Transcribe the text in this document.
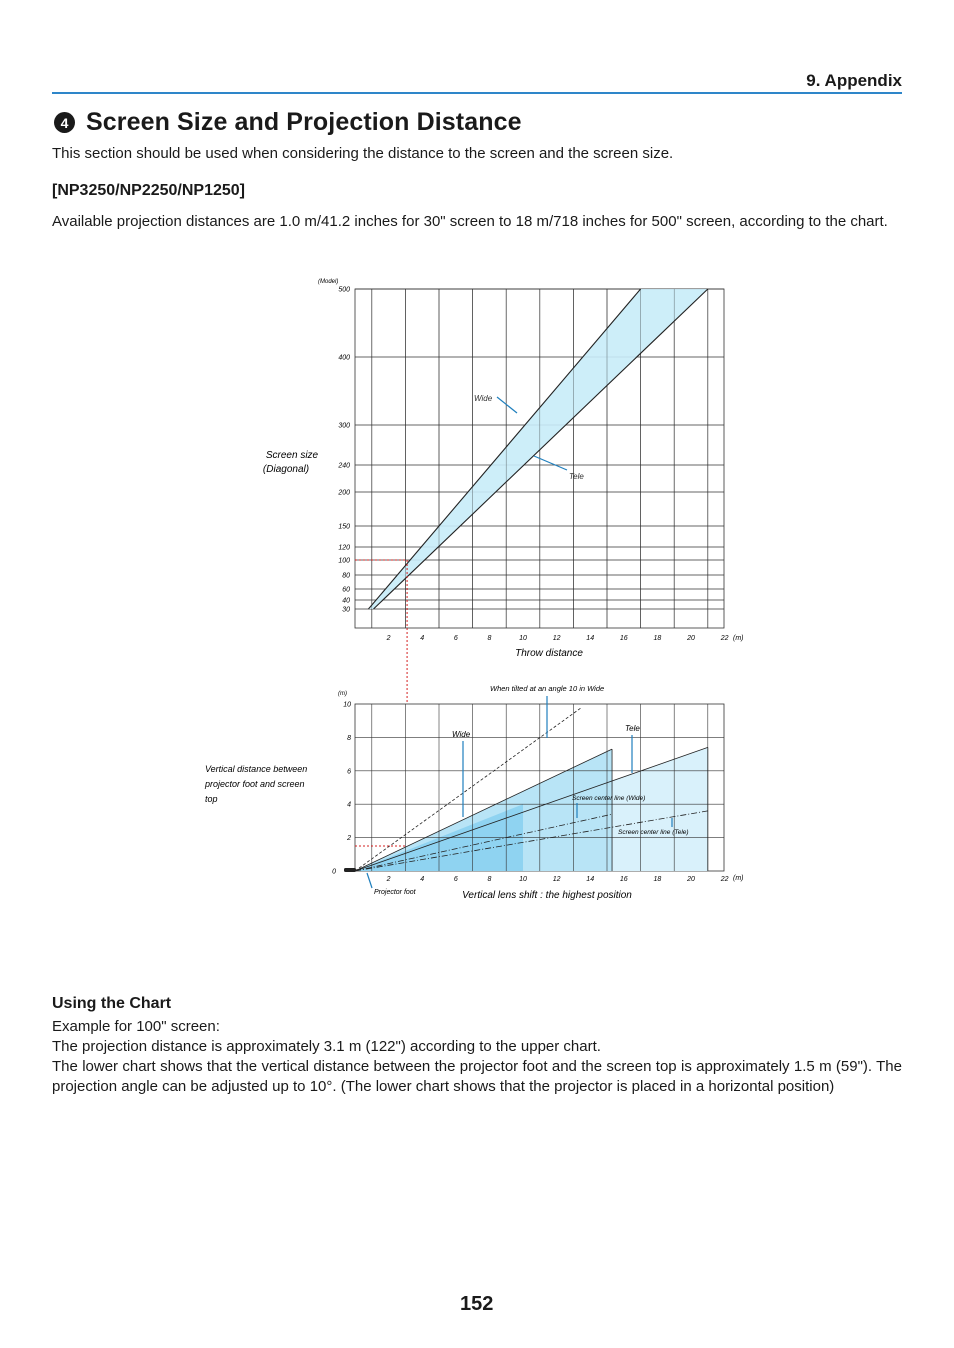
9. Appendix
4 Screen Size and Projection Distance
This section should be used when considering the distance to the screen and the screen size.
[NP3250/NP2250/NP1250]
Available projection distances are 1.0 m/41.2 inches for 30" screen to 18 m/718 inches for 500" screen, according to the chart.
(Model)
30
40
60
80
100
120
150
200
240
300
400
500
2	4	6	8	10	12	14	16	18	20	22 (m)
Throw distance
Screen size (Diagonal)
Wide
Tele
(m)
0
2
4
6
8
10
2	4	6	8	10	12	14	16	18	20	22 (m)
Vertical lens shift : the highest position
Vertical distance between projector foot and screen top
When tilted at an angle 10 in Wide
Wide
Tele
Screen center line (Wide)
Screen center line (Tele)
Projector foot
Using the Chart

Example for 100" screen:

The projection distance is approximately 3.1 m (122") according to the upper chart.

The lower chart shows that the vertical distance between the projector foot and the screen top is approximately 1.5 m (59"). The projection angle can be adjusted up to 10°. (The lower chart shows that the projector is placed in a horizontal position)

152
